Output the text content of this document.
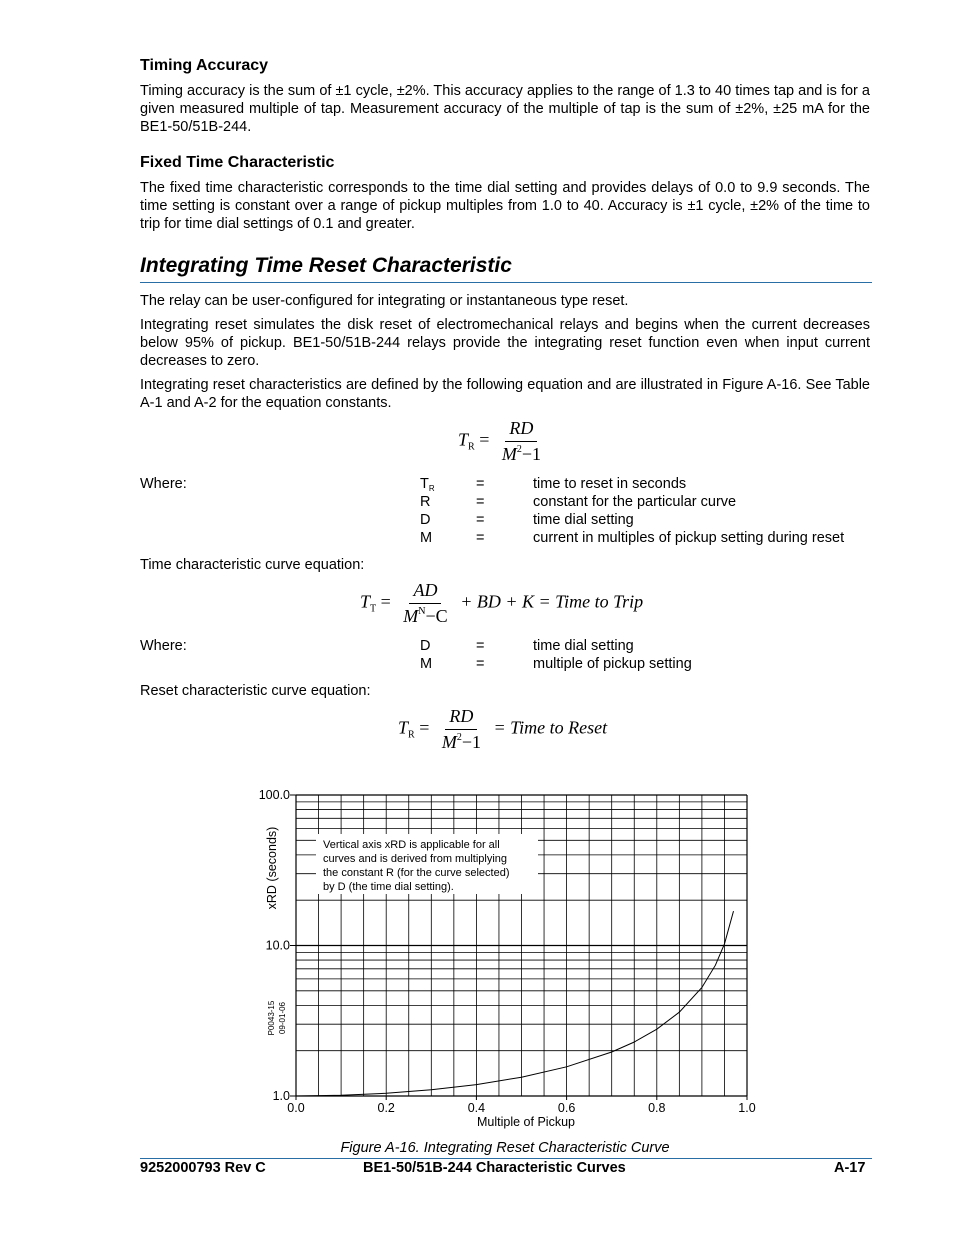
Timing Accuracy
Timing accuracy is the sum of ±1 cycle, ±2%. This accuracy applies to the range of 1.3 to 40 times tap and is for a given measured multiple of tap. Measurement accuracy of the multiple of tap is the sum of ±2%, ±25 mA for the BE1-50/51B-244.
Fixed Time Characteristic
The fixed time characteristic corresponds to the time dial setting and provides delays of 0.0 to 9.9 seconds. The time setting is constant over a range of pickup multiples from 1.0 to 40. Accuracy is ±1 cycle, ±2% of the time to trip for time dial settings of 0.1 and greater.
Integrating Time Reset Characteristic
The relay can be user-configured for integrating or instantaneous type reset.
Integrating reset simulates the disk reset of electromechanical relays and begins when the current decreases below 95% of pickup. BE1-50/51B-244 relays provide the integrating reset function even when input current decreases to zero.
Integrating reset characteristics are defined by the following equation and are illustrated in Figure A-16. See Table A-1 and A-2 for the equation constants.
$T_R = \frac{RD}{M^2-1}$
Where:	$T_R$	=	time to reset in seconds
R	=	constant for the particular curve
D	=	time dial setting
M	=	current in multiples of pickup setting during reset
Time characteristic curve equation:
$T_T = \frac{AD}{M^N-C}$ + BD + K = Time to Trip
Where:	D	=	time dial setting
M	=	multiple of pickup setting
Reset characteristic curve equation:
$T_R = \frac{RD}{M^2-1}$ = Time to Reset
0.0	0.2	0.4	0.6	0.8	1.0
1.0
10.0
100.0
Vertical axis xRD is applicable for all
curves and is derived from multiplying
the constant R (for the curve selected)
by D (the time dial setting).
xRD (seconds)
Multiple of Pickup
P0043-15 09-01-06
Figure A-16. Integrating Reset Characteristic Curve
9252000793 Rev C	BE1-50/51B-244 Characteristic Curves	A-17
